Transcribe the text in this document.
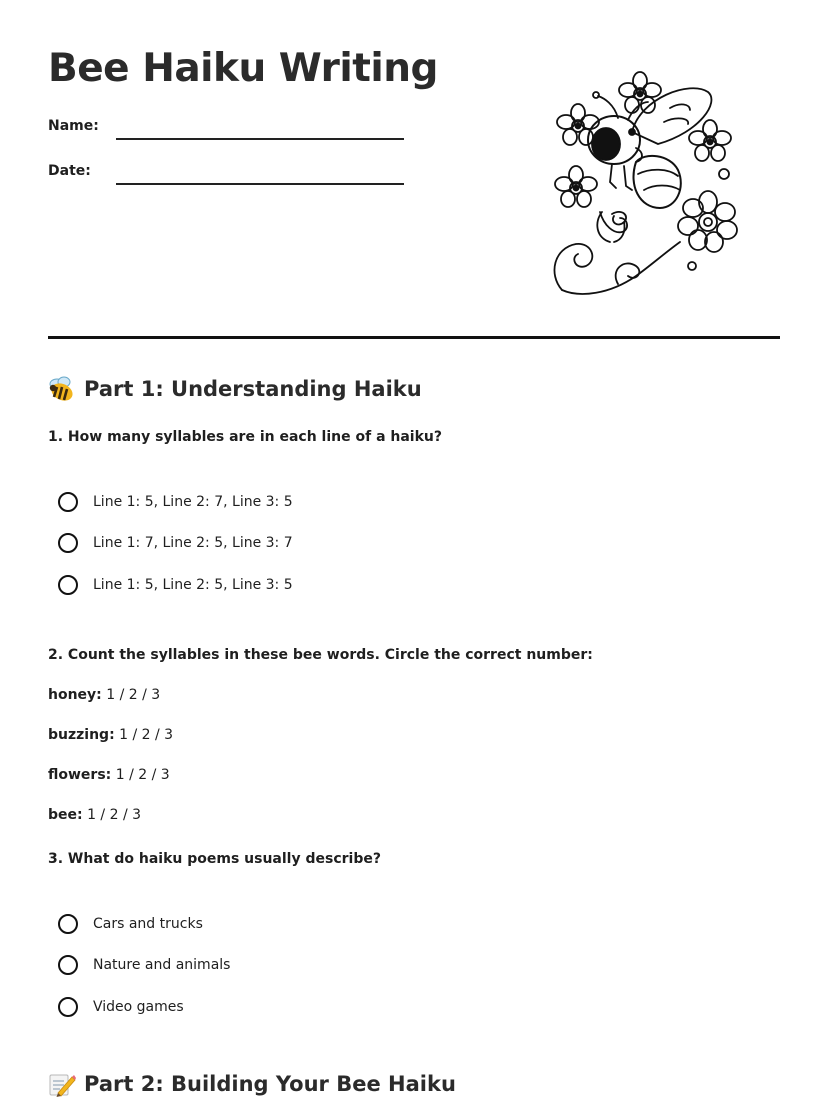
Bee Haiku Writing
Name:
Date:
Part 1: Understanding Haiku
1. How many syllables are in each line of a haiku?
Line 1: 5, Line 2: 7, Line 3: 5
Line 1: 7, Line 2: 5, Line 3: 7
Line 1: 5, Line 2: 5, Line 3: 5
2. Count the syllables in these bee words. Circle the correct number:
honey: 1 / 2 / 3
buzzing: 1 / 2 / 3
flowers: 1 / 2 / 3
bee: 1 / 2 / 3
3. What do haiku poems usually describe?
Cars and trucks
Nature and animals
Video games
Part 2: Building Your Bee Haiku
